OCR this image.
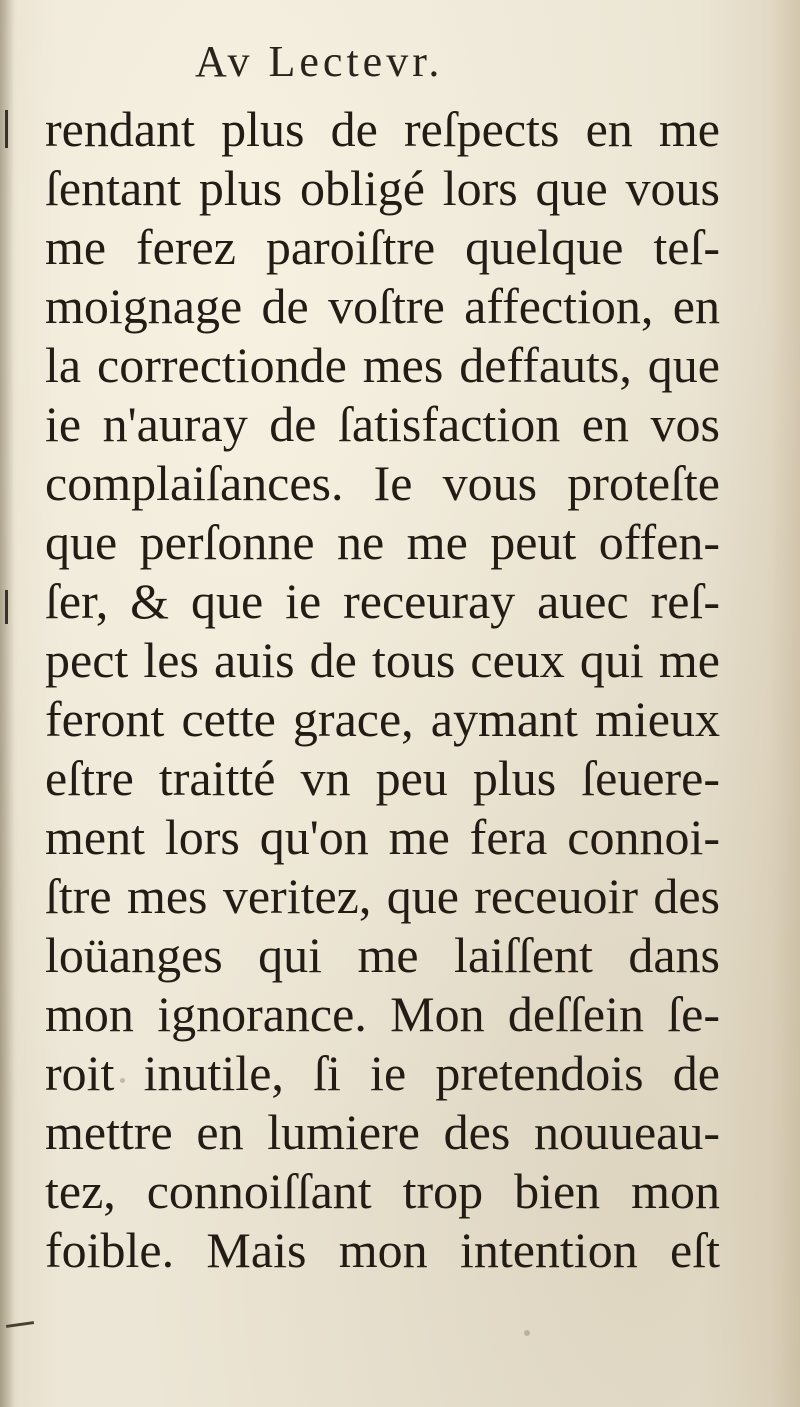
Av Lectevr.
rendant plus de reſpects en me
ſentant plus obligé lors que vous
me ferez paroiſtre quelque teſ-
moignage de voſtre affection, en
la correctionde mes deffauts, que
ie n'auray de ſatisfaction en vos
complaiſances. Ie vous proteſte
que perſonne ne me peut offen-
ſer, & que ie receuray auec reſ-
pect les auis de tous ceux qui me
feront cette grace, aymant mieux
eſtre traitté vn peu plus ſeuere-
ment lors qu'on me fera connoi-
ſtre mes veritez, que receuoir des
loüanges qui me laiſſent dans
mon ignorance. Mon deſſein ſe-
roit inutile, ſi ie pretendois de
mettre en lumiere des nouueau-
tez, connoiſſant trop bien mon
foible. Mais mon intention eſt
